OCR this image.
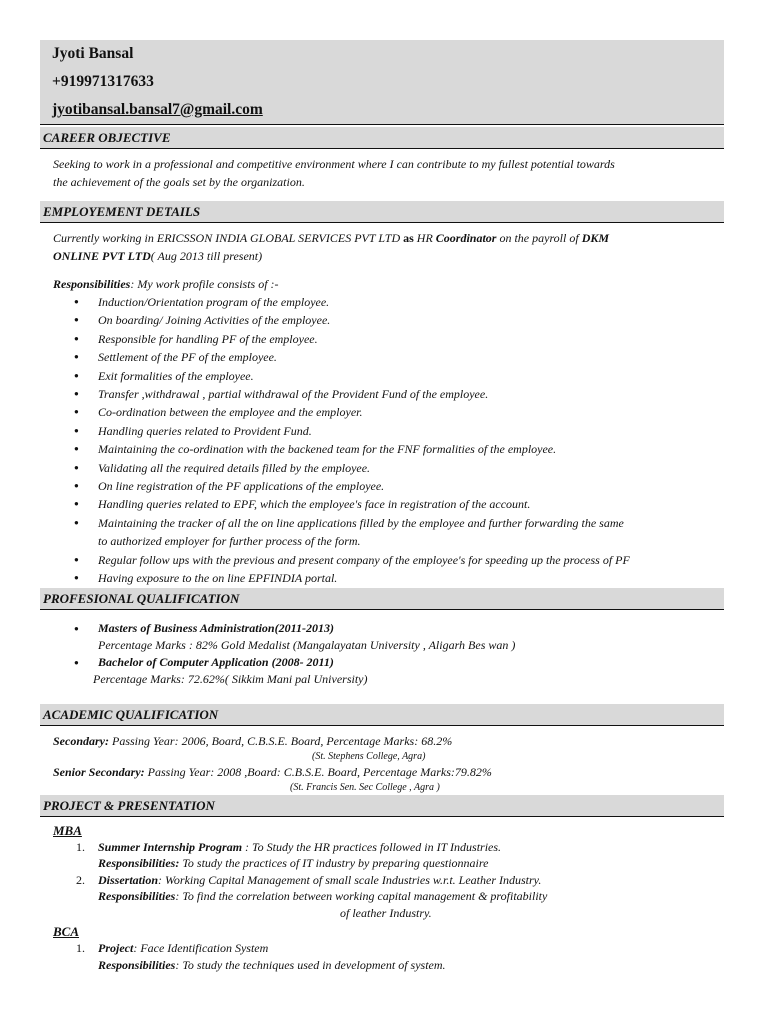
Jyoti Bansal
+919971317633
jyotibansal.bansal7@gmail.com
CAREER OBJECTIVE
Seeking to work in a professional and competitive environment where I can contribute to my fullest potential towards
the achievement of the goals set by the organization.
EMPLOYEMENT DETAILS
Currently working in ERICSSON INDIA GLOBAL SERVICES PVT LTD as HR Coordinator on the payroll of DKM
ONLINE PVT LTD( Aug 2013 till present)
Responsibilities: My work profile consists of :-
● Induction/Orientation program of the employee.
● On boarding/ Joining Activities of the employee.
● Responsible for handling PF of the employee.
● Settlement of the PF of the employee.
● Exit formalities of the employee.
● Transfer ,withdrawal , partial withdrawal of the Provident Fund of the employee.
● Co-ordination between the employee and the employer.
● Handling queries related to Provident Fund.
● Maintaining the co-ordination with the backened team for the FNF formalities of the employee.
● Validating all the required details filled by the employee.
● On line registration of the PF applications of the employee.
● Handling queries related to EPF, which the employee's face in registration of the account.
● Maintaining the tracker of all the on line applications filled by the employee and further forwarding the same
to authorized employer for further process of the form.
● Regular follow ups with the previous and present company of the employee's for speeding up the process of PF
● Having exposure to the on line EPFINDIA portal.
PROFESIONAL QUALIFICATION
● Masters of Business Administration(2011-2013)
Percentage Marks : 82% Gold Medalist (Mangalayatan University , Aligarh Bes wan )
● Bachelor of Computer Application (2008- 2011)
Percentage Marks: 72.62%( Sikkim Mani pal University)
ACADEMIC QUALIFICATION
Secondary: Passing Year: 2006, Board, C.B.S.E. Board, Percentage Marks: 68.2%
(St. Stephens College, Agra)
Senior Secondary: Passing Year: 2008 ,Board: C.B.S.E. Board, Percentage Marks:79.82%
(St. Francis Sen. Sec College , Agra )
PROJECT & PRESENTATION
MBA
1. Summer Internship Program : To Study the HR practices followed in IT Industries.
Responsibilities: To study the practices of IT industry by preparing questionnaire
2. Dissertation: Working Capital Management of small scale Industries w.r.t. Leather Industry.
Responsibilities: To find the correlation between working capital management & profitability
of leather Industry.
BCA
1. Project: Face Identification System
Responsibilities: To study the techniques used in development of system.
